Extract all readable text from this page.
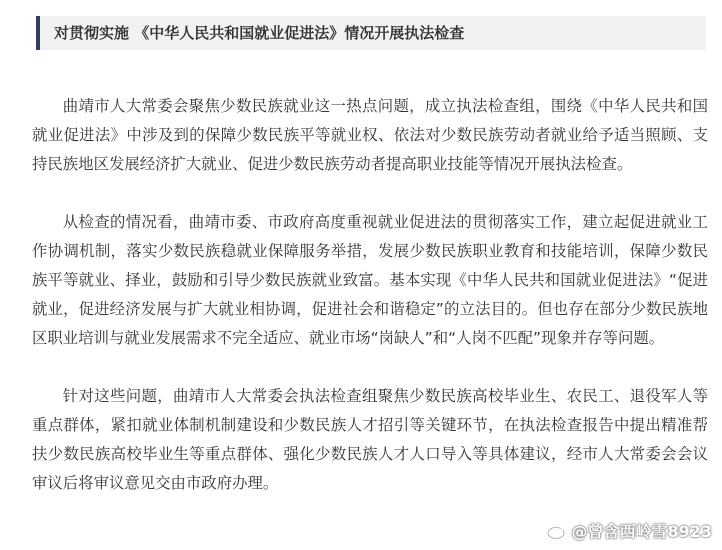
对贯彻实施 《中华人民共和国就业促进法》情况开展执法检查

曲靖市人大常委会聚焦少数民族就业这一热点问题，成立执法检查组，围绕《中华人民共和国就业促进法》中涉及到的保障少数民族平等就业权、依法对少数民族劳动者就业给予适当照顾、支持民族地区发展经济扩大就业、促进少数民族劳动者提高职业技能等情况开展执法检查。

从检查的情况看，曲靖市委、市政府高度重视就业促进法的贯彻落实工作，建立起促进就业工作协调机制，落实少数民族稳就业保障服务举措，发展少数民族职业教育和技能培训，保障少数民族平等就业、择业，鼓励和引导少数民族就业致富。基本实现《中华人民共和国就业促进法》“促进就业，促进经济发展与扩大就业相协调，促进社会和谐稳定”的立法目的。但也存在部分少数民族地区职业培训与就业发展需求不完全适应、就业市场“岗缺人”和“人岗不匹配”现象并存等问题。

针对这些问题，曲靖市人大常委会执法检查组聚焦少数民族高校毕业生、农民工、退役军人等重点群体，紧扣就业体制机制建设和少数民族人才招引等关键环节，在执法检查报告中提出精准帮扶少数民族高校毕业生等重点群体、强化少数民族人才人口导入等具体建议，经市人大常委会会议审议后将审议意见交由市政府办理。

@曾含西岭雪8923
